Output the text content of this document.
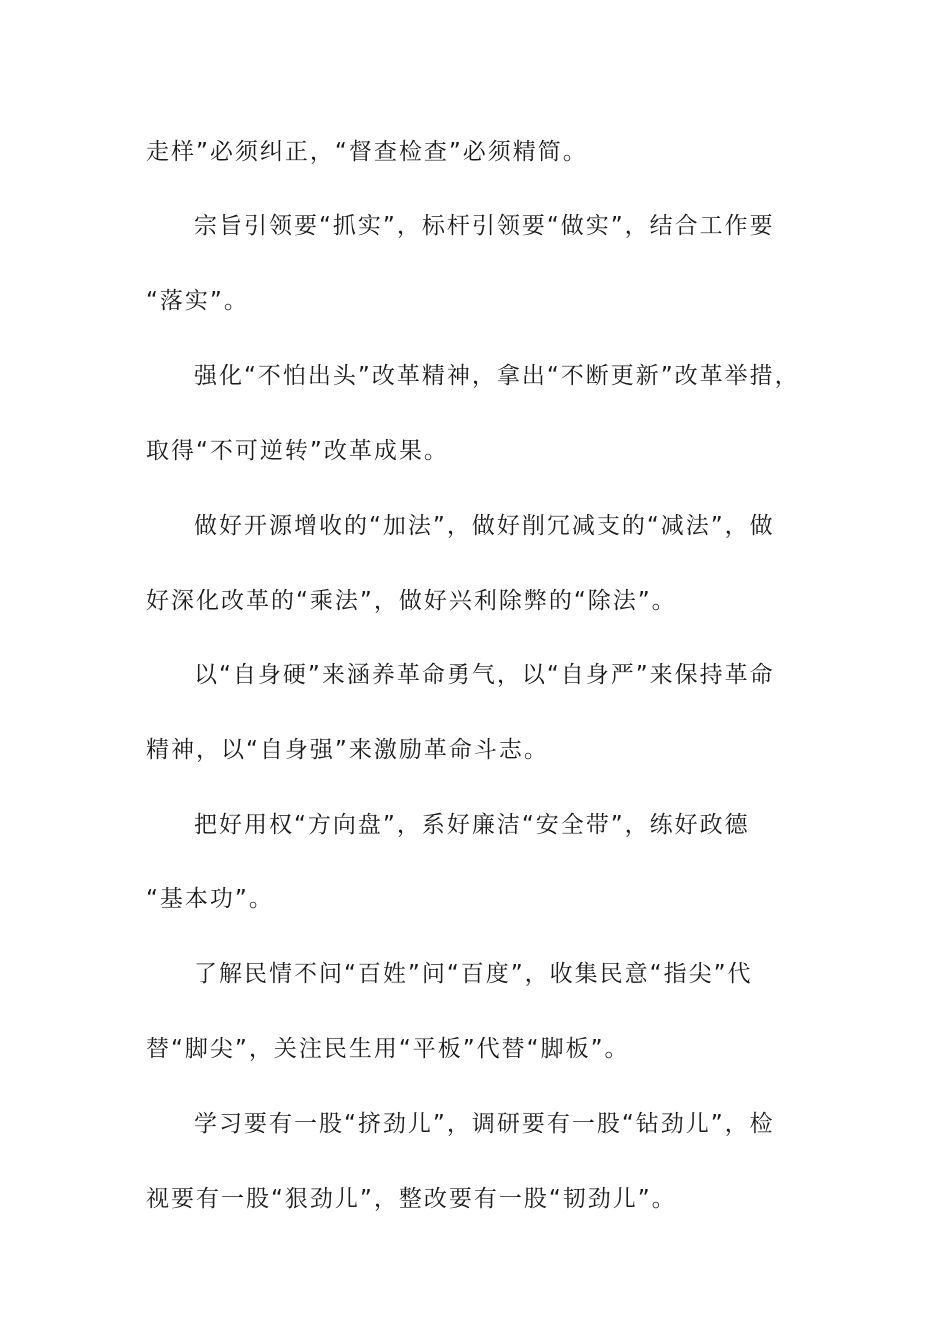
走样”必须纠正，“督查检查”必须精简。
宗旨引领要“抓实”，标杆引领要“做实”，结合工作要
“落实”。
强化“不怕出头”改革精神，拿出“不断更新”改革举措，
取得“不可逆转”改革成果。
做好开源增收的“加法”，做好削冗减支的“减法”，做
好深化改革的“乘法”，做好兴利除弊的“除法”。
以“自身硬”来涵养革命勇气，以“自身严”来保持革命
精神，以“自身强”来激励革命斗志。
把好用权“方向盘”，系好廉洁“安全带”，练好政德
“基本功”。
了解民情不问“百姓”问“百度”，收集民意“指尖”代
替“脚尖”，关注民生用“平板”代替“脚板”。
学习要有一股“挤劲儿”，调研要有一股“钻劲儿”，检
视要有一股“狠劲儿”，整改要有一股“韧劲儿”。
